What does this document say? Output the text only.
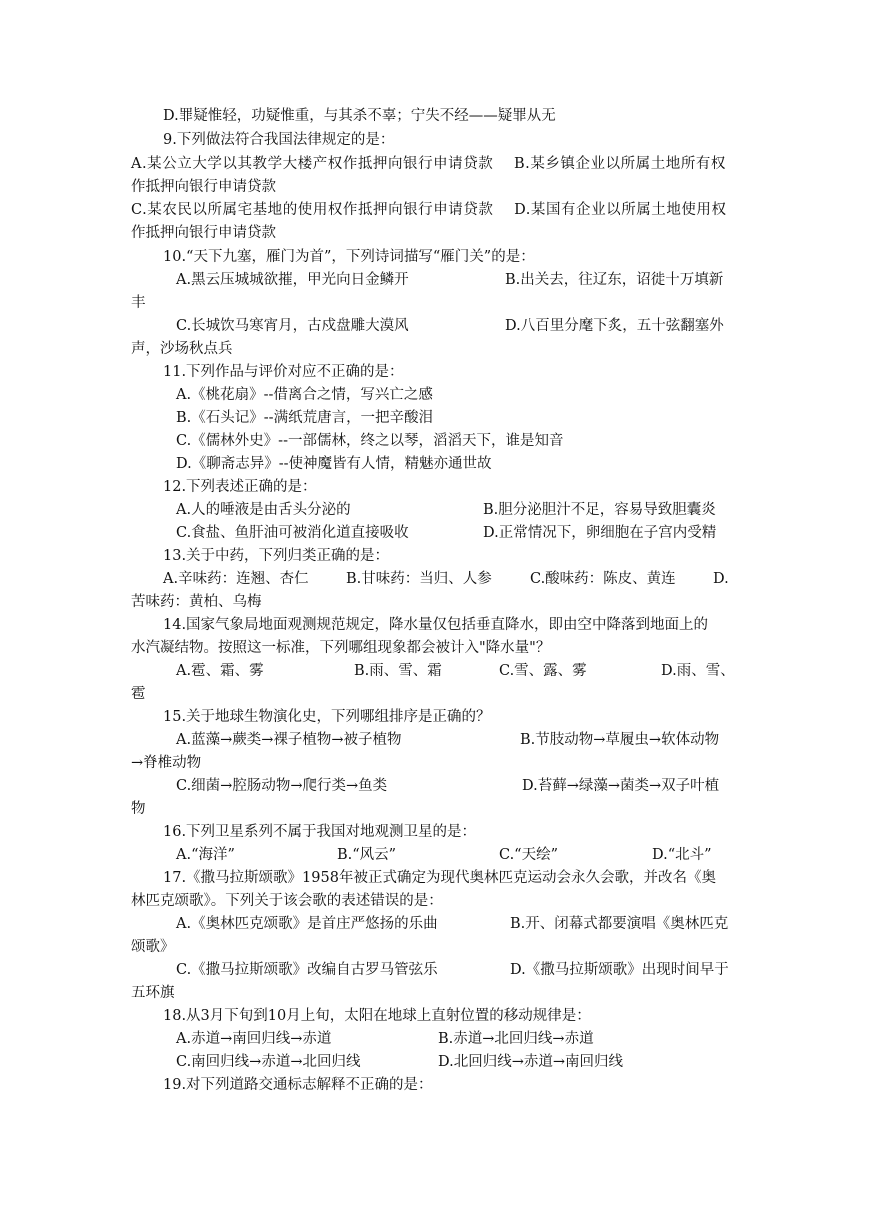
D.罪疑惟轻，功疑惟重，与其杀不辜；宁失不经——疑罪从无
9.下列做法符合我国法律规定的是：
A.某公立大学以其教学大楼产权作抵押向银行申请贷款    B.某乡镇企业以所属土地所有权
作抵押向银行申请贷款
C.某农民以所属宅基地的使用权作抵押向银行申请贷款    D.某国有企业以所属土地使用权
作抵押向银行申请贷款
10.“天下九塞，雁门为首”，下列诗词描写“雁门关”的是：
A.黑云压城城欲摧，甲光向日金鳞开	B.出关去，往辽东，诏徙十万填新
丰
C.长城饮马寒宵月，古戍盘雕大漠风	D.八百里分麾下炙，五十弦翻塞外
声，沙场秋点兵
11.下列作品与评价对应不正确的是：
A.《桃花扇》--借离合之情，写兴亡之感
B.《石头记》--满纸荒唐言，一把辛酸泪
C.《儒林外史》--一部儒林，终之以琴，滔滔天下，谁是知音
D.《聊斋志异》--使神魔皆有人情，精魅亦通世故
12.下列表述正确的是：
A.人的唾液是由舌头分泌的	B.胆分泌胆汁不足，容易导致胆囊炎
C.食盐、鱼肝油可被消化道直接吸收	D.正常情况下，卵细胞在子宫内受精
13.关于中药，下列归类正确的是：
A.辛味药：连翘、杏仁	B.甘味药：当归、人参	C.酸味药：陈皮、黄连	D.
苦味药：黄柏、乌梅
14.国家气象局地面观测规范规定，降水量仅包括垂直降水，即由空中降落到地面上的
水汽凝结物。按照这一标准，下列哪组现象都会被计入"降水量"？
A.雹、霜、雾	B.雨、雪、霜	C.雪、露、雾	D.雨、雪、
雹
15.关于地球生物演化史，下列哪组排序是正确的？
A.蓝藻→蕨类→裸子植物→被子植物	B.节肢动物→草履虫→软体动物
→脊椎动物
C.细菌→腔肠动物→爬行类→鱼类	D.苔藓→绿藻→菌类→双子叶植
物
16.下列卫星系列不属于我国对地观测卫星的是：
A.“海洋”	B.“风云”	C.“天绘”	D.“北斗”
17.《撒马拉斯颂歌》1958年被正式确定为现代奥林匹克运动会永久会歌，并改名《奥
林匹克颂歌》。下列关于该会歌的表述错误的是：
A.《奥林匹克颂歌》是首庄严悠扬的乐曲	B.开、闭幕式都要演唱《奥林匹克
颂歌》
C.《撒马拉斯颂歌》改编自古罗马管弦乐	D.《撒马拉斯颂歌》出现时间早于
五环旗
18.从3月下旬到10月上旬，太阳在地球上直射位置的移动规律是：
A.赤道→南回归线→赤道	B.赤道→北回归线→赤道
C.南回归线→赤道→北回归线	D.北回归线→赤道→南回归线
19.对下列道路交通标志解释不正确的是：
